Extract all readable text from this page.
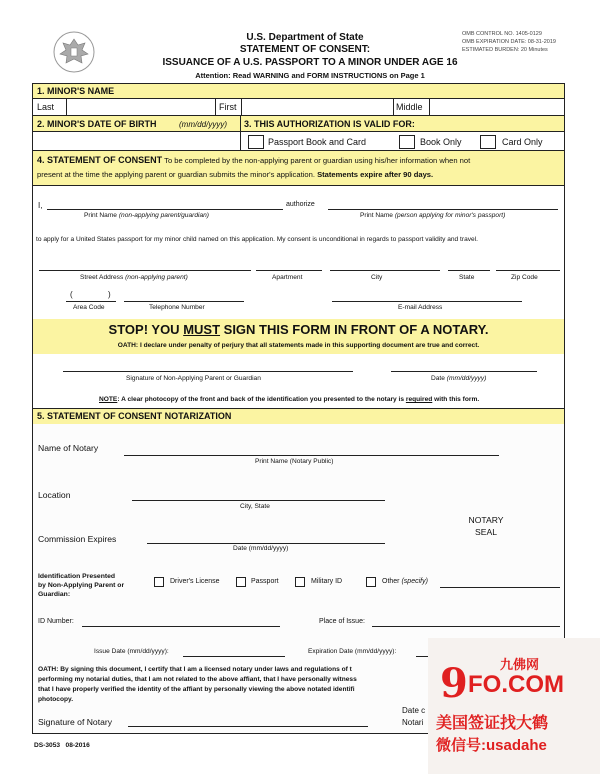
U.S. Department of State
STATEMENT OF CONSENT:
ISSUANCE OF A U.S. PASSPORT TO A MINOR UNDER AGE 16
Attention: Read WARNING and FORM INSTRUCTIONS on Page 1
OMB CONTROL NO. 1405-0129
OMB EXPIRATION DATE: 08-31-2019
ESTIMATED BURDEN: 20 Minutes
1. MINOR'S NAME
Last	First	Middle
2. MINOR'S DATE OF BIRTH	(mm/dd/yyyy) 3. THIS AUTHORIZATION IS VALID FOR:
Passport Book and Card	Book Only	Card Only
4. STATEMENT OF CONSENT To be completed by the non-applying parent or guardian using his/her information when not
present at the time the applying parent or guardian submits the minor's application. Statements expire after 90 days.
I,	authorize
Print Name (non-applying parent/guardian)	Print Name (person applying for minor's passport)
to apply for a United States passport for my minor child named on this application. My consent is unconditional in regards to passport validity and travel.
Street Address (non-applying parent)	Apartment	City	State	Zip Code
(	)
Area Code	Telephone Number	E-mail Address
STOP! YOU MUST SIGN THIS FORM IN FRONT OF A NOTARY.
OATH: I declare under penalty of perjury that all statements made in this supporting document are true and correct.
Signature of Non-Applying Parent or Guardian	Date (mm/dd/yyyy)
NOTE: A clear photocopy of the front and back of the identification you presented to the notary is required with this form.
5. STATEMENT OF CONSENT NOTARIZATION
Name of Notary
Print Name (Notary Public)
Location
City, State
Commission Expires
Date (mm/dd/yyyy)
NOTARY
SEAL
Identification Presented
by Non-Applying Parent or
Guardian:
Driver's License	Passport	Military ID	Other (specify)
ID Number:	Place of Issue:
Issue Date (mm/dd/yyyy):	Expiration Date (mm/dd/yyyy):
OATH: By signing this document, I certify that I am a licensed notary under laws and regulations of t
performing my notarial duties, that I am not related to the above affiant, that I have personally witness
that I have properly verified the identity of the affiant by personally viewing the above notated identifi
photocopy.
Signature of Notary
Date c
Notari
DS-3053 08-2016
九佛网
9 FO.COM
美国签证找大鹤
微信号:usadahe
